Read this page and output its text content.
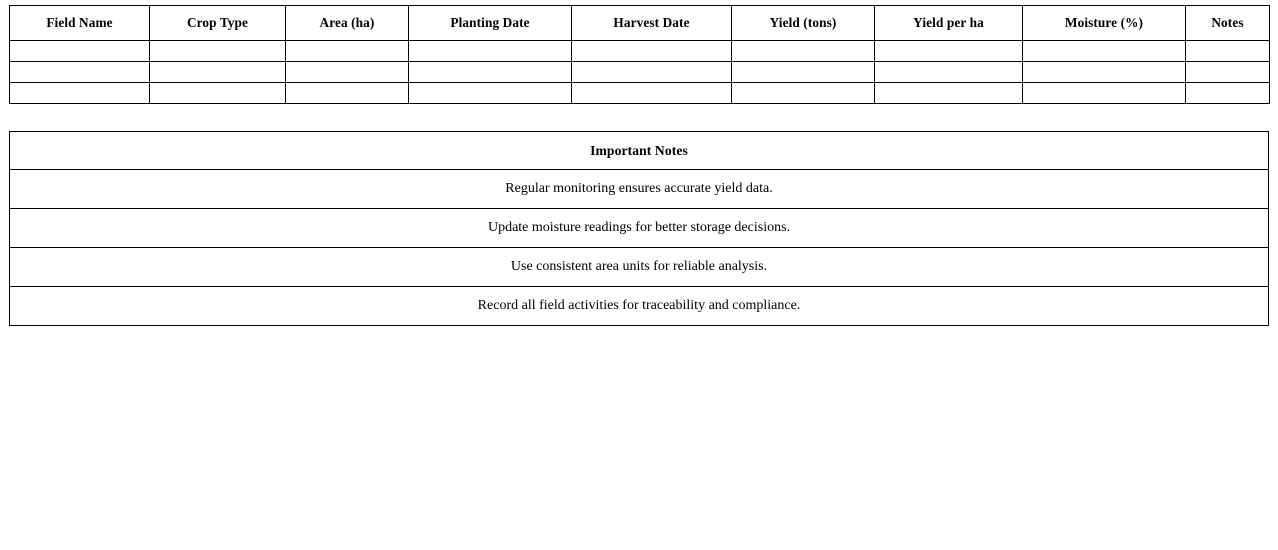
Field Name	Crop Type	Area (ha)	Planting Date	Harvest Date	Yield (tons)	Yield per ha	Moisture (%)	Notes

Important Notes
Regular monitoring ensures accurate yield data.
Update moisture readings for better storage decisions.
Use consistent area units for reliable analysis.
Record all field activities for traceability and compliance.
